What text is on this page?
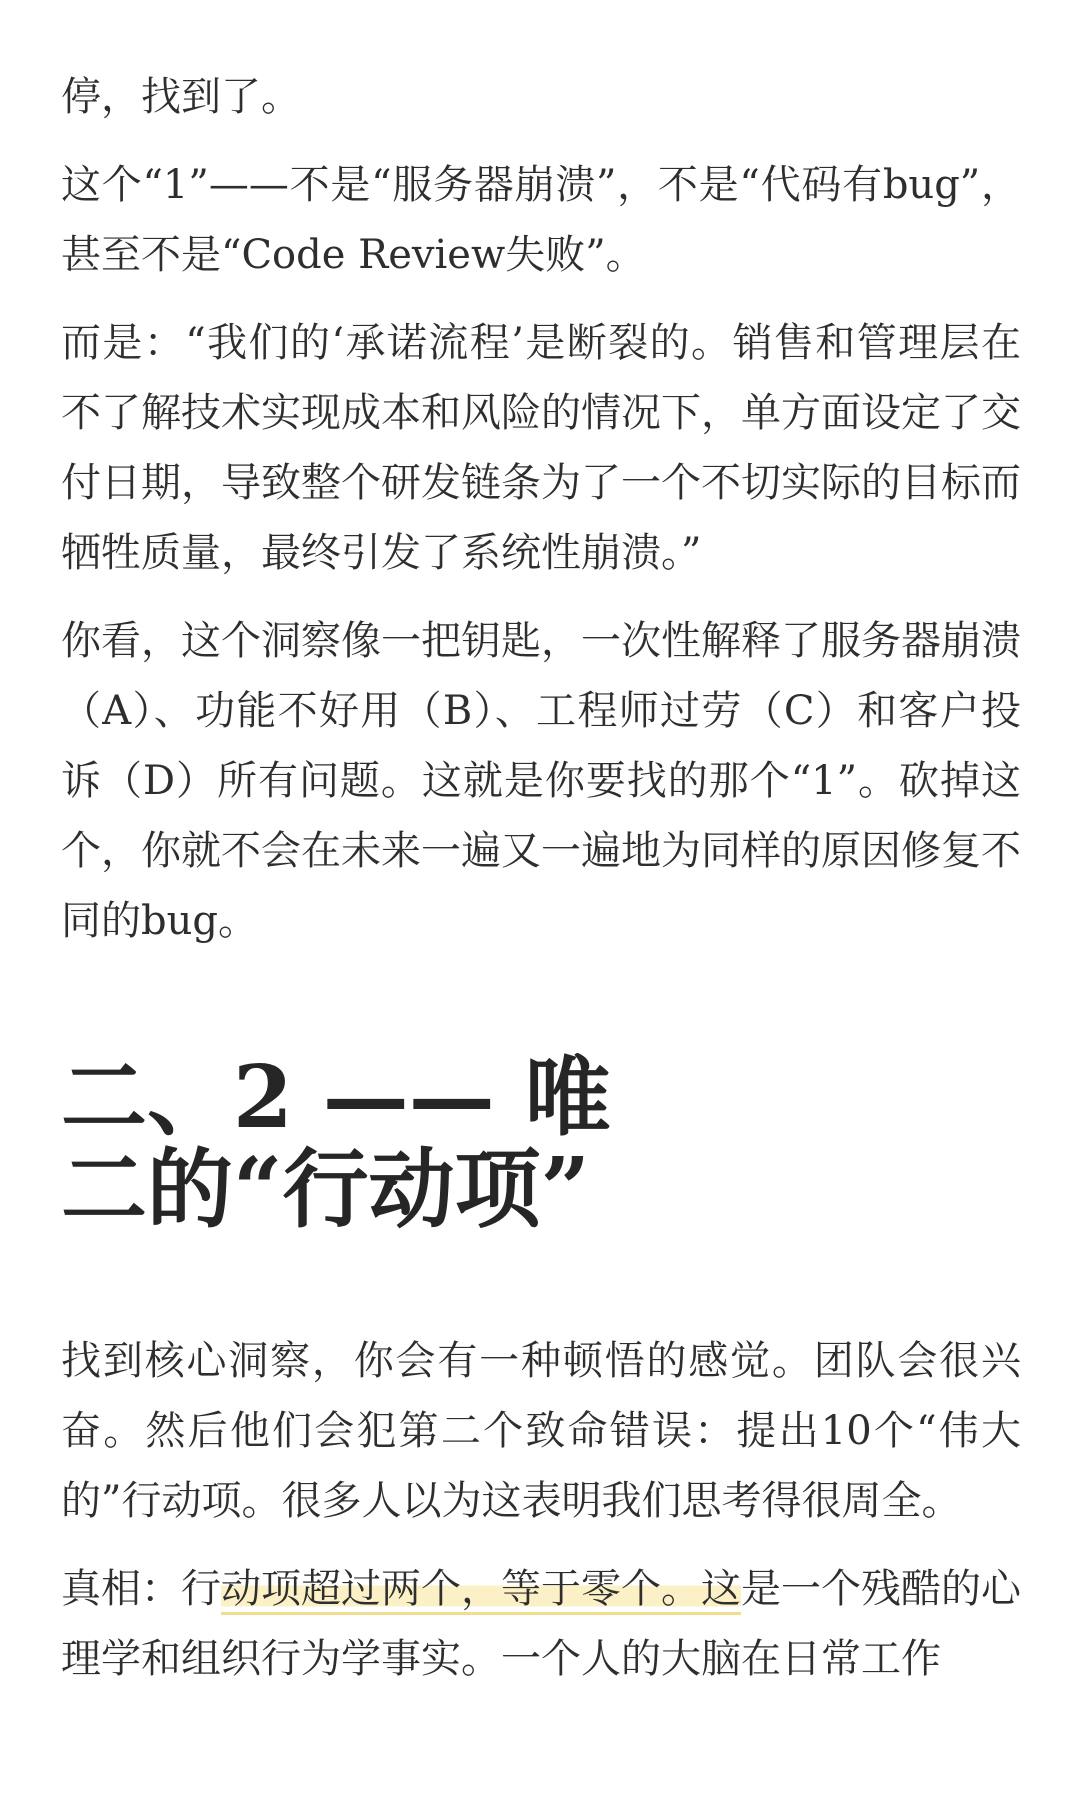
停，找到了。

这个“1”——不是“服务器崩溃”，不是“代码有bug”，甚至不是“Code Review失败”。

而是：“我们的‘承诺流程’是断裂的。销售和管理层在不了解技术实现成本和风险的情况下，单方面设定了交付日期，导致整个研发链条为了一个不切实际的目标而牺牲质量，最终引发了系统性崩溃。”

你看，这个洞察像一把钥匙，一次性解释了服务器崩溃（A）、功能不好用（B）、工程师过劳（C）和客户投诉（D）所有问题。这就是你要找的那个“1”。砍掉这个，你就不会在未来一遍又一遍地为同样的原因修复不同的bug。

二、2 —— 唯二的“行动项”

找到核心洞察，你会有一种顿悟的感觉。团队会很兴奋。然后他们会犯第二个致命错误：提出10个“伟大的”行动项。很多人以为这表明我们思考得很周全。

真相：行动项超过两个，等于零个。这是一个残酷的心理学和组织行为学事实。一个人的大脑在日常工作
